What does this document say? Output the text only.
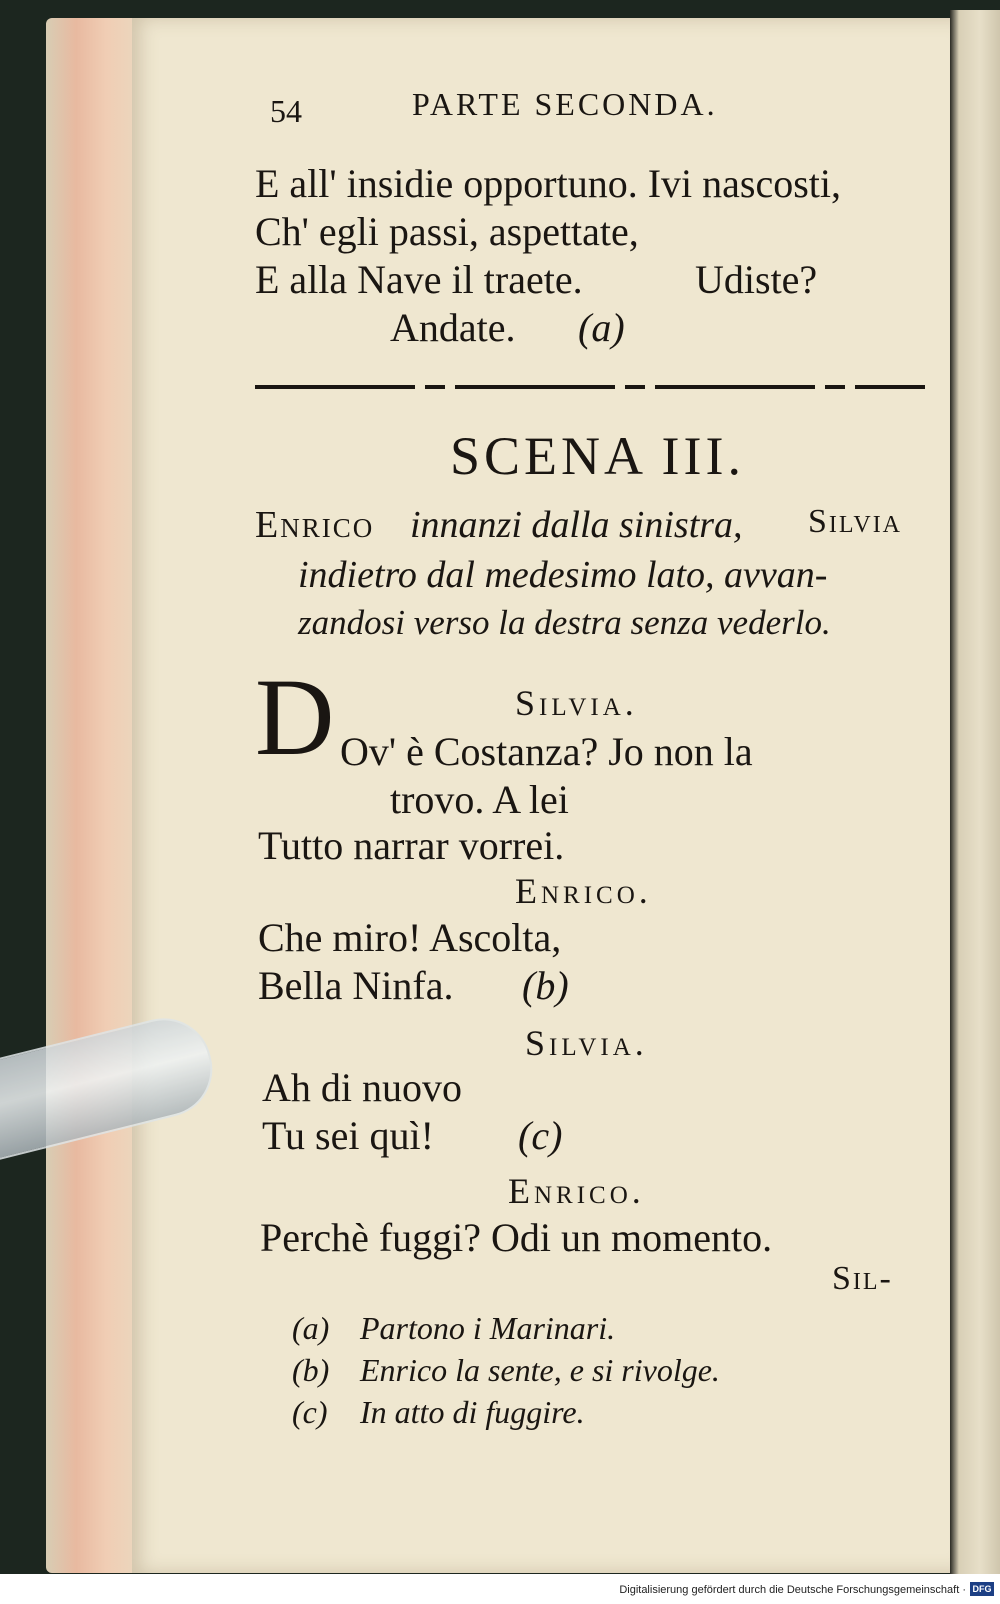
54	PARTE SECONDA.
E all' insidie opportuno. Ivi nascosti,
Ch' egli passi, aspettate,
E alla Nave il traete.	Udiste?
Andate. (a)
SCENA III.
Enrico innanzi dalla sinistra, Silvia
indietro dal medesimo lato, avvan-
zandosi verso la destra senza vederlo.
D	Silvia.
Ov' è Costanza? Jo non la
trovo. A lei
Tutto narrar vorrei.
Enrico.
Che miro! Ascolta,
Bella Ninfa. (b)
Silvia.
Ah di nuovo
Tu sei quì! (c)
Enrico.
Perchè fuggi? Odi un momento.
Sil-
(a) Partono i Marinari.
(b) Enrico la sente, e si rivolge.
(c) In atto di fuggire.
Digitalisierung gefördert durch die Deutsche Forschungsgemeinschaft · DFG
